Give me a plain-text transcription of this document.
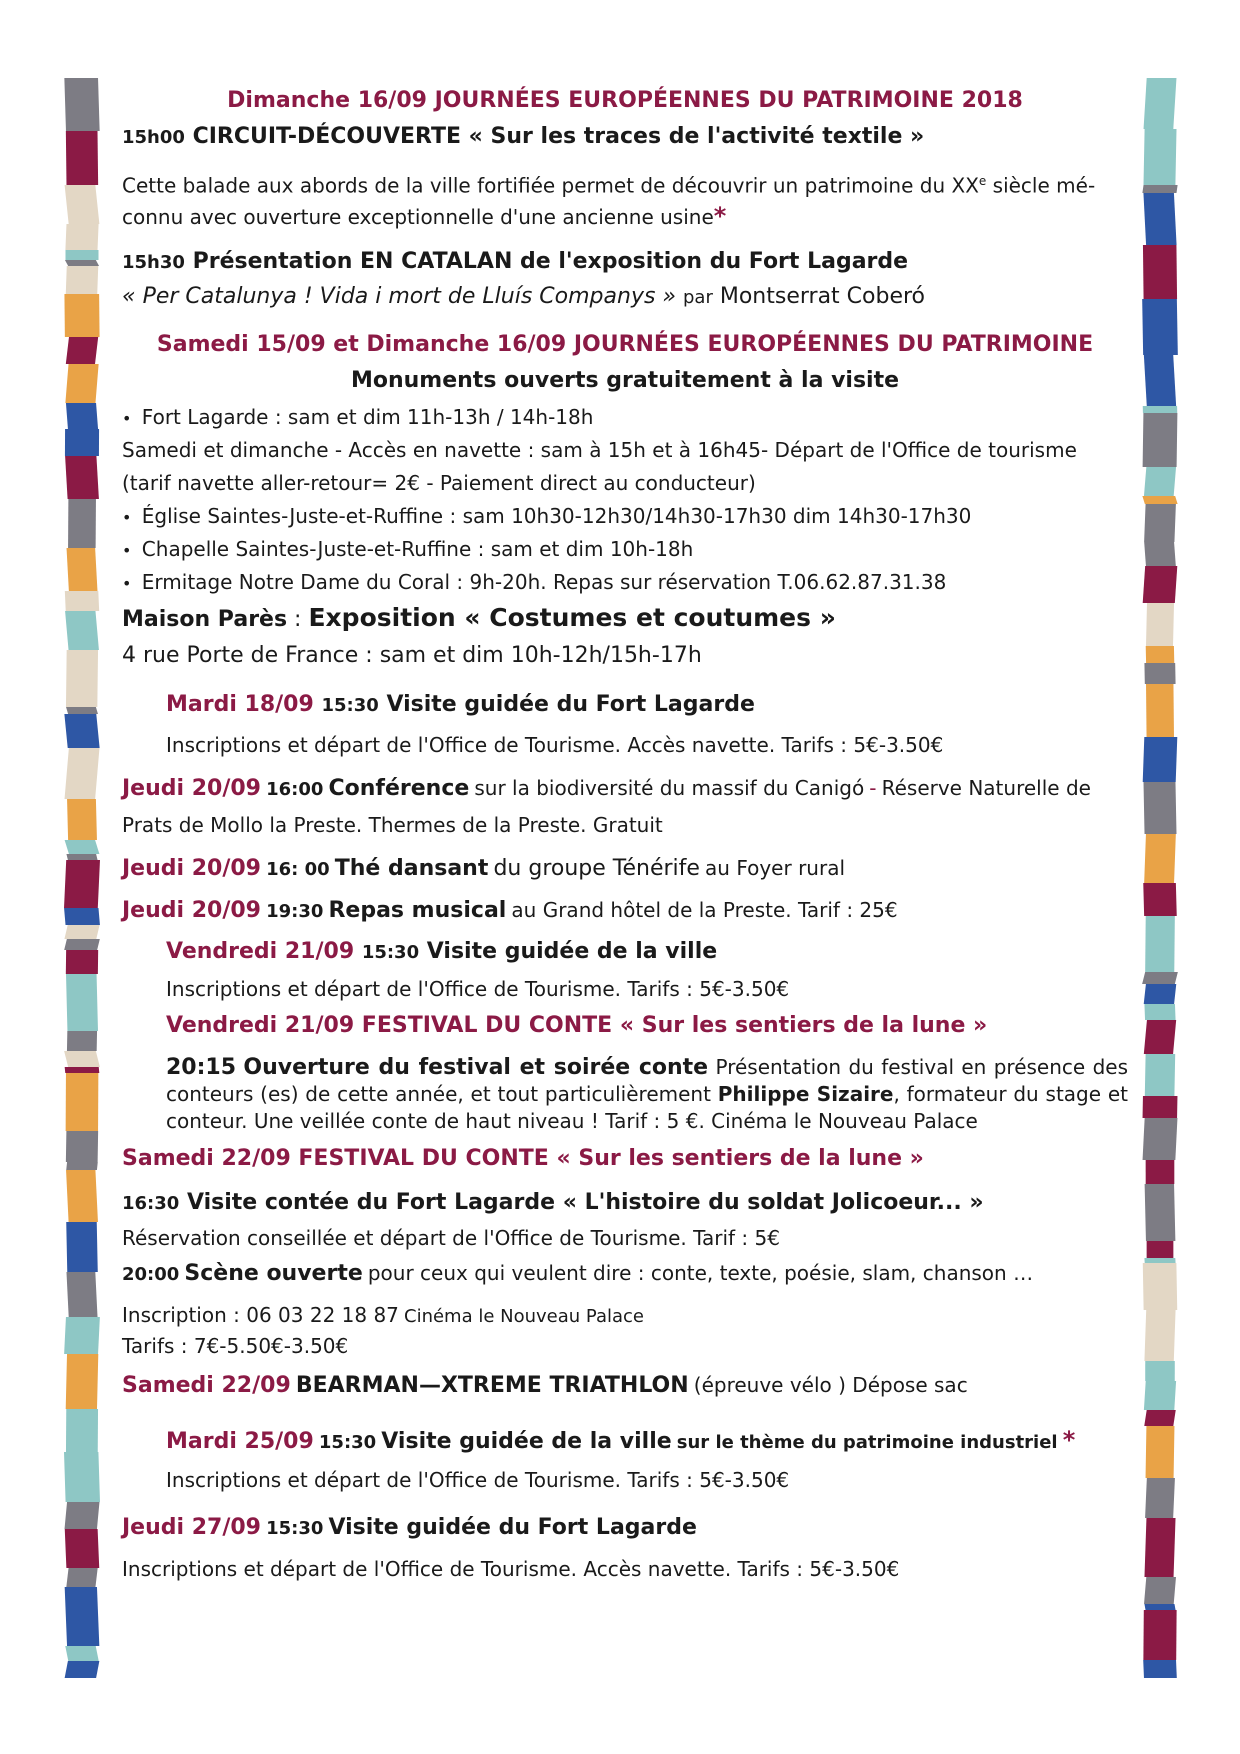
Dimanche 16/09 JOURNÉES EUROPÉENNES DU PATRIMOINE 2018

15h00 CIRCUIT-DÉCOUVERTE « Sur les traces de l'activité textile »

Cette balade aux abords de la ville fortifiée permet de découvrir un patrimoine du XXe siècle mé-
connu avec ouverture exceptionnelle d'une ancienne usine*

15h30 Présentation EN CATALAN de l'exposition du Fort Lagarde

« Per Catalunya ! Vida i mort de Lluís Companys » par Montserrat Coberó

Samedi 15/09 et Dimanche 16/09 JOURNÉES EUROPÉENNES DU PATRIMOINE

Monuments ouverts gratuitement à la visite

• Fort Lagarde : sam et dim 11h-13h / 14h-18h

Samedi et dimanche - Accès en navette : sam à 15h et à 16h45- Départ de l'Office de tourisme
(tarif navette aller-retour= 2€ - Paiement direct au conducteur)

• Église Saintes-Juste-et-Ruffine : sam 10h30-12h30/14h30-17h30 dim 14h30-17h30

• Chapelle Saintes-Juste-et-Ruffine : sam et dim 10h-18h

• Ermitage Notre Dame du Coral : 9h-20h. Repas sur réservation T.06.62.87.31.38

Maison Parès : Exposition « Costumes et coutumes »

4 rue Porte de France : sam et dim 10h-12h/15h-17h

Mardi 18/09 15:30 Visite guidée du Fort Lagarde

Inscriptions et départ de l'Office de Tourisme. Accès navette. Tarifs : 5€-3.50€

Jeudi 20/09 16:00 Conférence sur la biodiversité du massif du Canigó - Réserve Naturelle de

Prats de Mollo la Preste. Thermes de la Preste. Gratuit

Jeudi 20/09 16: 00 Thé dansant du groupe Ténérife au Foyer rural

Jeudi 20/09 19:30 Repas musical au Grand hôtel de la Preste. Tarif : 25€

Vendredi 21/09 15:30 Visite guidée de la ville

Inscriptions et départ de l'Office de Tourisme. Tarifs : 5€-3.50€

Vendredi 21/09 FESTIVAL DU CONTE « Sur les sentiers de la lune »

20:15 Ouverture du festival et soirée conte Présentation du festival en présence des conteurs (es) de cette année, et tout particulièrement Philippe Sizaire, formateur du stage et conteur. Une veillée conte de haut niveau ! Tarif : 5 €. Cinéma le Nouveau Palace

Samedi 22/09 FESTIVAL DU CONTE « Sur les sentiers de la lune »

16:30 Visite contée du Fort Lagarde « L'histoire du soldat Jolicoeur... »

Réservation conseillée et départ de l'Office de Tourisme. Tarif : 5€

20:00 Scène ouverte pour ceux qui veulent dire : conte, texte, poésie, slam, chanson …

Inscription : 06 03 22 18 87 Cinéma le Nouveau Palace

Tarifs : 7€-5.50€-3.50€

Samedi 22/09 BEARMAN—XTREME TRIATHLON (épreuve vélo ) Dépose sac

Mardi 25/09 15:30 Visite guidée de la ville sur le thème du patrimoine industriel *

Inscriptions et départ de l'Office de Tourisme. Tarifs : 5€-3.50€

Jeudi 27/09 15:30 Visite guidée du Fort Lagarde

Inscriptions et départ de l'Office de Tourisme. Accès navette. Tarifs : 5€-3.50€
